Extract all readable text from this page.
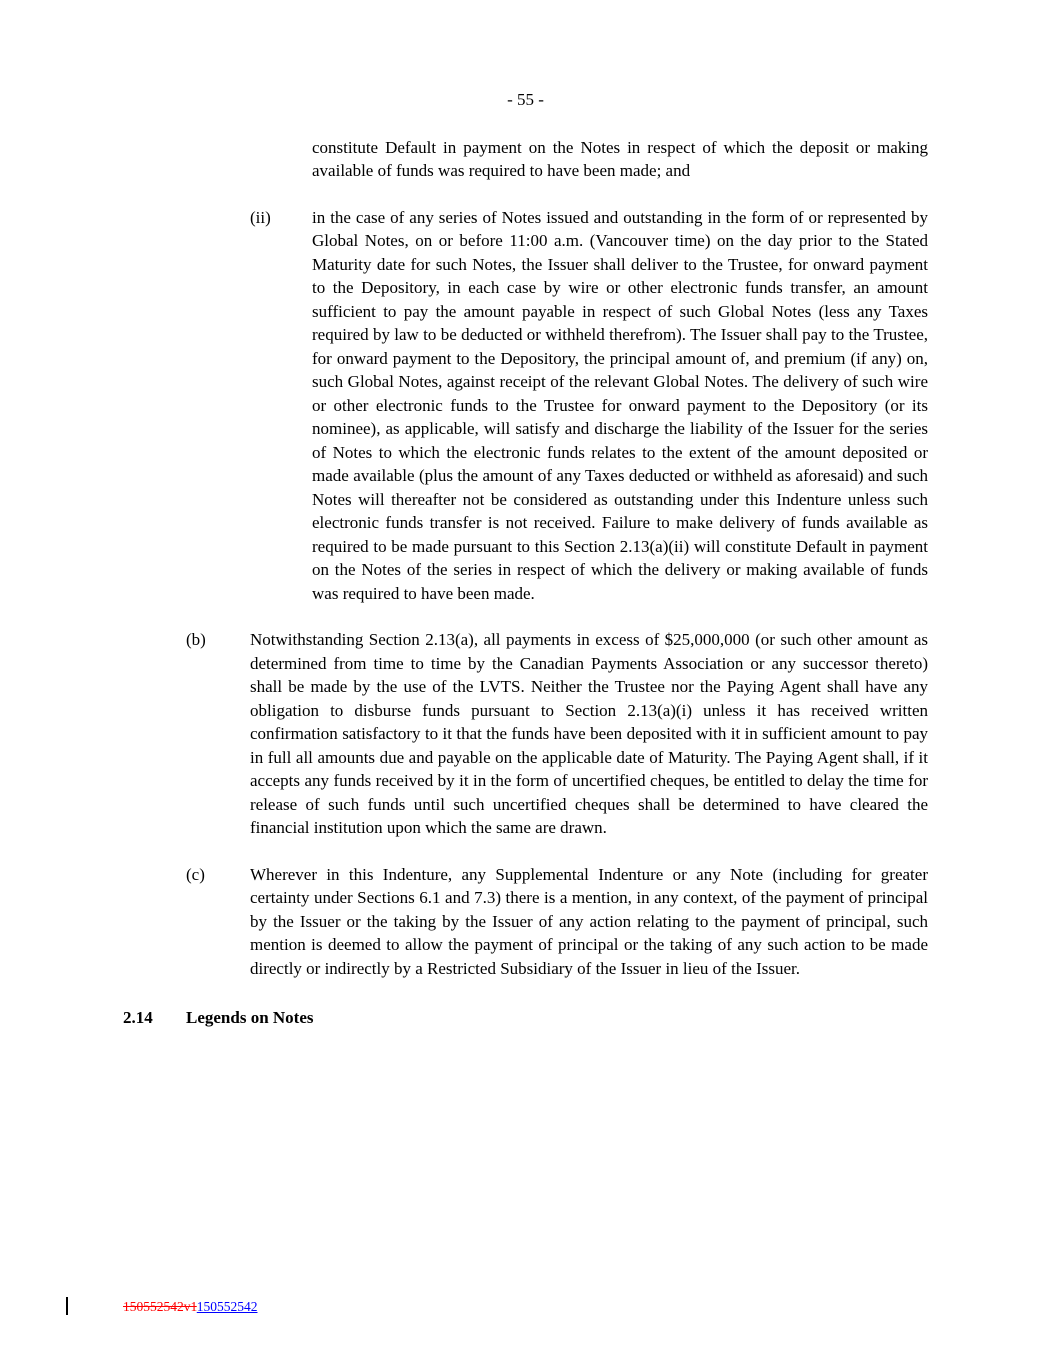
- 55 -
constitute Default in payment on the Notes in respect of which the deposit or making available of funds was required to have been made; and
(ii)	in the case of any series of Notes issued and outstanding in the form of or represented by Global Notes, on or before 11:00 a.m. (Vancouver time) on the day prior to the Stated Maturity date for such Notes, the Issuer shall deliver to the Trustee, for onward payment to the Depository, in each case by wire or other electronic funds transfer, an amount sufficient to pay the amount payable in respect of such Global Notes (less any Taxes required by law to be deducted or withheld therefrom). The Issuer shall pay to the Trustee, for onward payment to the Depository, the principal amount of, and premium (if any) on, such Global Notes, against receipt of the relevant Global Notes. The delivery of such wire or other electronic funds to the Trustee for onward payment to the Depository (or its nominee), as applicable, will satisfy and discharge the liability of the Issuer for the series of Notes to which the electronic funds relates to the extent of the amount deposited or made available (plus the amount of any Taxes deducted or withheld as aforesaid) and such Notes will thereafter not be considered as outstanding under this Indenture unless such electronic funds transfer is not received. Failure to make delivery of funds available as required to be made pursuant to this Section 2.13(a)(ii) will constitute Default in payment on the Notes of the series in respect of which the delivery or making available of funds was required to have been made.
(b)	Notwithstanding Section 2.13(a), all payments in excess of $25,000,000 (or such other amount as determined from time to time by the Canadian Payments Association or any successor thereto) shall be made by the use of the LVTS. Neither the Trustee nor the Paying Agent shall have any obligation to disburse funds pursuant to Section 2.13(a)(i) unless it has received written confirmation satisfactory to it that the funds have been deposited with it in sufficient amount to pay in full all amounts due and payable on the applicable date of Maturity. The Paying Agent shall, if it accepts any funds received by it in the form of uncertified cheques, be entitled to delay the time for release of such funds until such uncertified cheques shall be determined to have cleared the financial institution upon which the same are drawn.
(c)	Wherever in this Indenture, any Supplemental Indenture or any Note (including for greater certainty under Sections 6.1 and 7.3) there is a mention, in any context, of the payment of principal by the Issuer or the taking by the Issuer of any action relating to the payment of principal, such mention is deemed to allow the payment of principal or the taking of any such action to be made directly or indirectly by a Restricted Subsidiary of the Issuer in lieu of the Issuer.
2.14	Legends on Notes
150552542v1150552542
